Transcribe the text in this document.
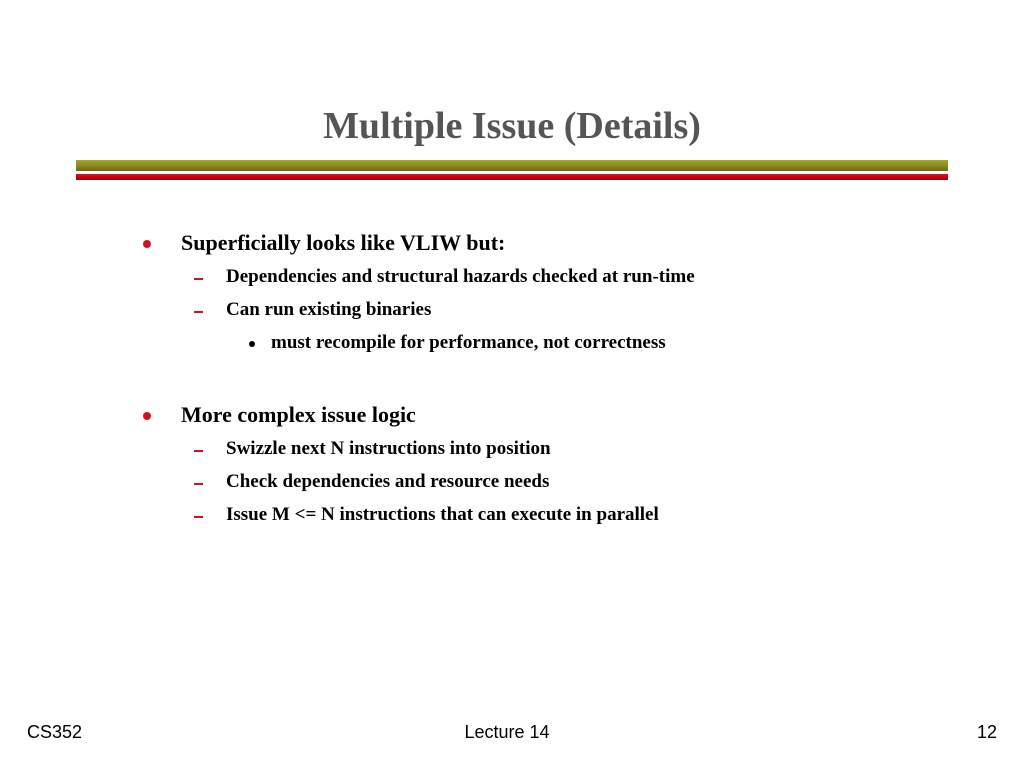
Multiple Issue (Details)
Superficially looks like VLIW but:
Dependencies and structural hazards checked at run-time
Can run existing binaries
must recompile for performance, not correctness
More complex issue logic
Swizzle next N instructions into position
Check dependencies and resource needs
Issue M <= N instructions that can execute in parallel
CS352	Lecture 14	12
